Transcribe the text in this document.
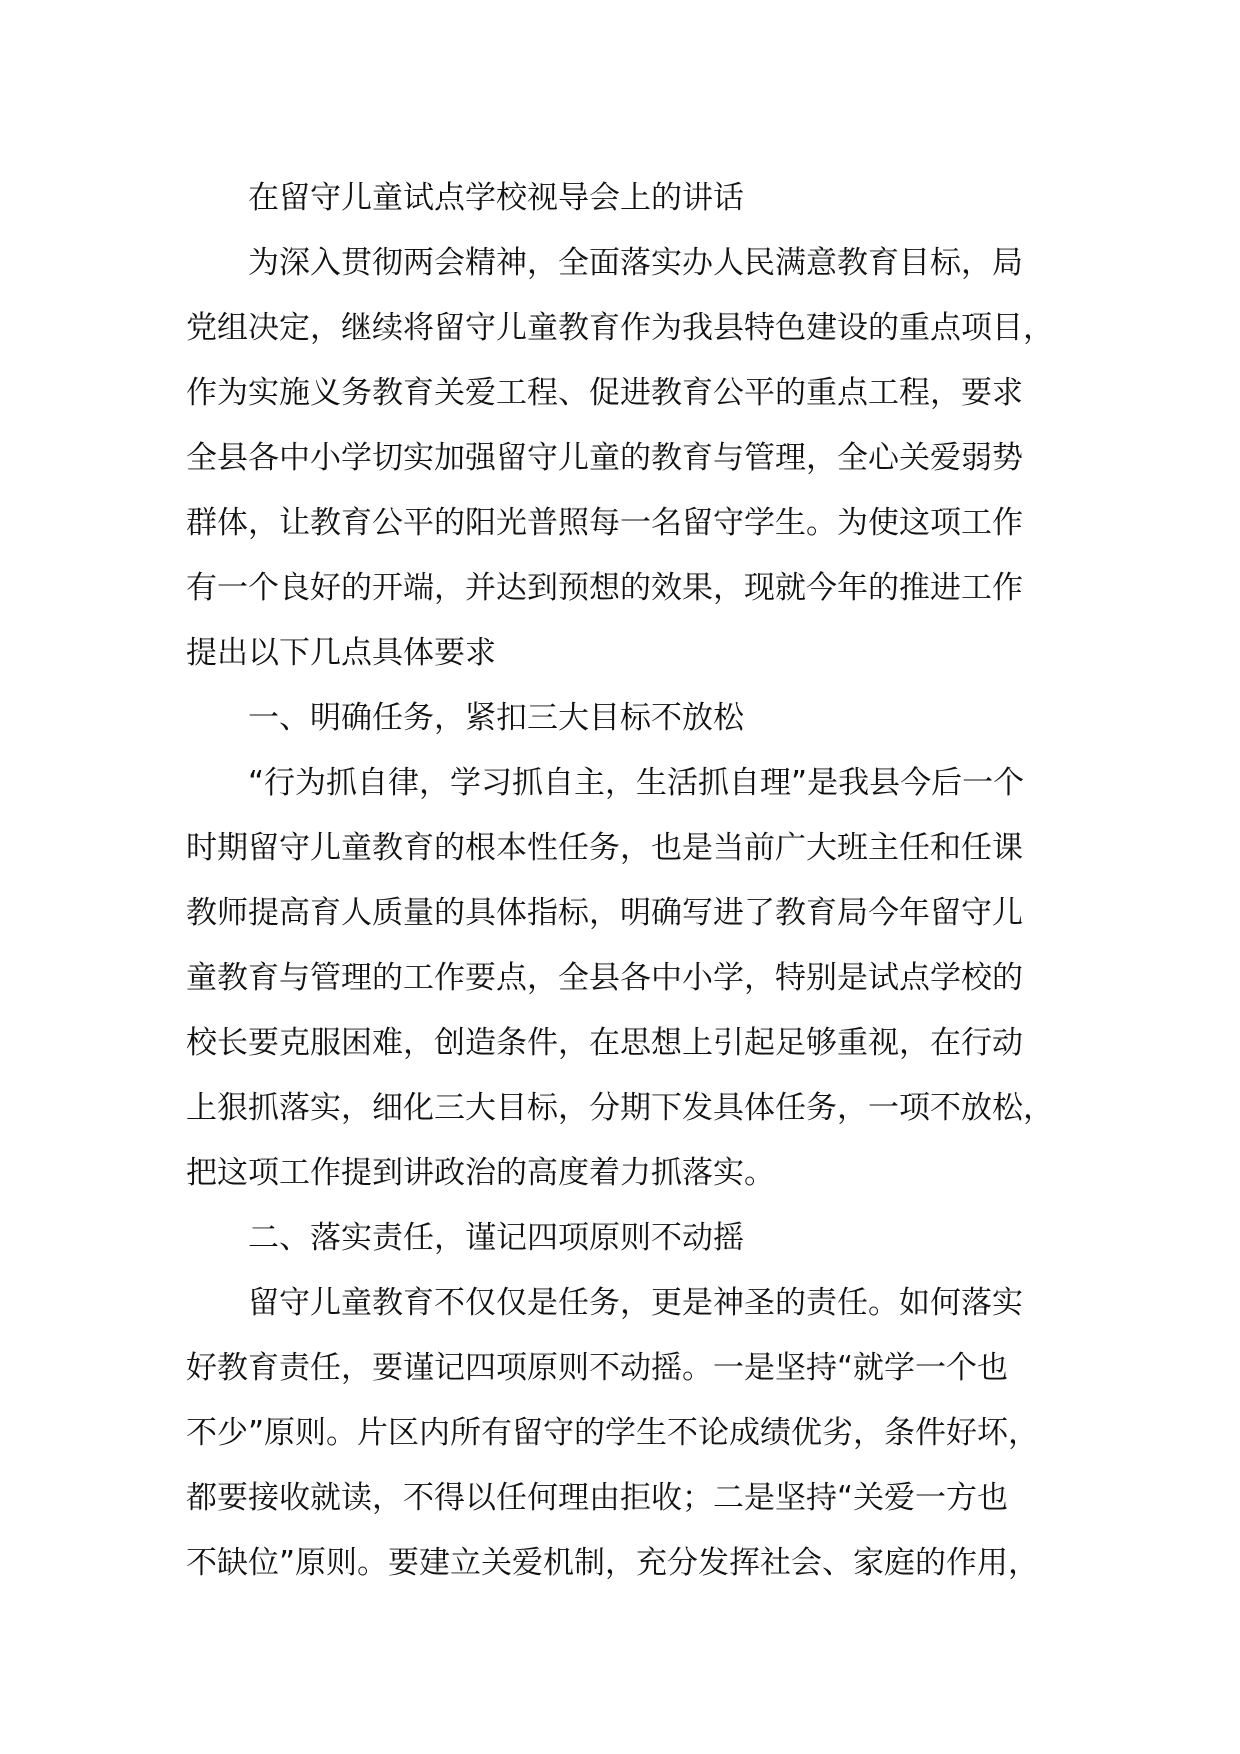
在留守儿童试点学校视导会上的讲话
为深入贯彻两会精神，全面落实办人民满意教育目标，局
党组决定，继续将留守儿童教育作为我县特色建设的重点项目，
作为实施义务教育关爱工程、促进教育公平的重点工程，要求
全县各中小学切实加强留守儿童的教育与管理，全心关爱弱势
群体，让教育公平的阳光普照每一名留守学生。为使这项工作
有一个良好的开端，并达到预想的效果，现就今年的推进工作
提出以下几点具体要求
一、明确任务，紧扣三大目标不放松
“行为抓自律，学习抓自主，生活抓自理”是我县今后一个
时期留守儿童教育的根本性任务，也是当前广大班主任和任课
教师提高育人质量的具体指标，明确写进了教育局今年留守儿
童教育与管理的工作要点，全县各中小学，特别是试点学校的
校长要克服困难，创造条件，在思想上引起足够重视，在行动
上狠抓落实，细化三大目标，分期下发具体任务，一项不放松，
把这项工作提到讲政治的高度着力抓落实。
二、落实责任，谨记四项原则不动摇
留守儿童教育不仅仅是任务，更是神圣的责任。如何落实
好教育责任，要谨记四项原则不动摇。一是坚持“就学一个也
不少”原则。片区内所有留守的学生不论成绩优劣，条件好坏，
都要接收就读，不得以任何理由拒收；二是坚持“关爱一方也
不缺位”原则。要建立关爱机制，充分发挥社会、家庭的作用，
